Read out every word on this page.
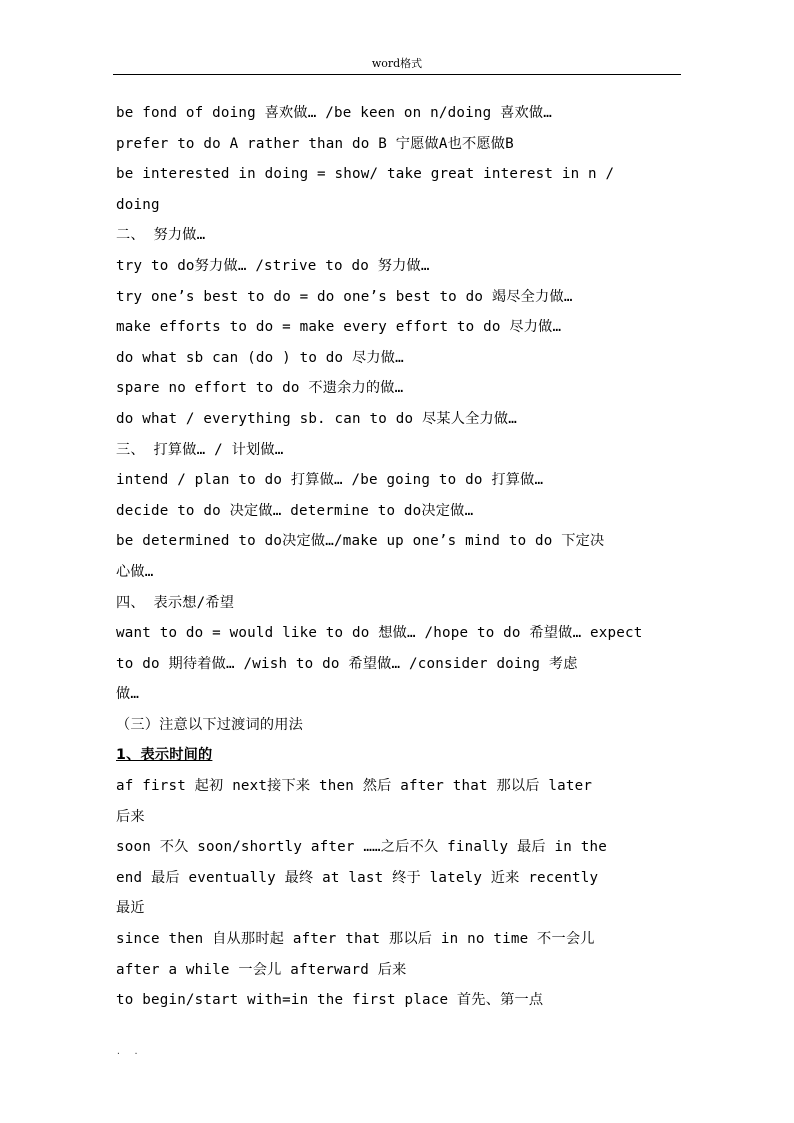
word格式
be fond of doing 喜欢做… /be keen on n/doing 喜欢做…
prefer to do A rather than do B 宁愿做A也不愿做B
be interested in doing = show/ take great interest in n /
doing
二、 努力做…
try to do努力做… /strive to do 努力做…
try one’s best to do = do one’s best to do 竭尽全力做…
make efforts to do = make every effort to do 尽力做…
do what sb can (do ) to do 尽力做…
spare no effort to do 不遗余力的做…
do what / everything sb. can to do 尽某人全力做…
三、 打算做… / 计划做…
intend / plan to do 打算做… /be going to do 打算做…
decide to do 决定做… determine to do决定做…
be determined to do决定做…/make up one’s mind to do 下定决
心做…
四、 表示想/希望
want to do = would like to do 想做… /hope to do 希望做… expect
to do 期待着做… /wish to do 希望做… /consider doing 考虑
做…
（三）注意以下过渡词的用法
1、表示时间的
af first 起初 next接下来 then 然后 after that 那以后 later
后来
soon 不久 soon/shortly after ……之后不久 finally 最后 in the
end 最后 eventually 最终 at last 终于 lately 近来 recently
最近
since then 自从那时起 after that 那以后 in no time 不一会儿
after a while 一会儿 afterward 后来
to begin/start with=in the first place 首先、第一点
. .
